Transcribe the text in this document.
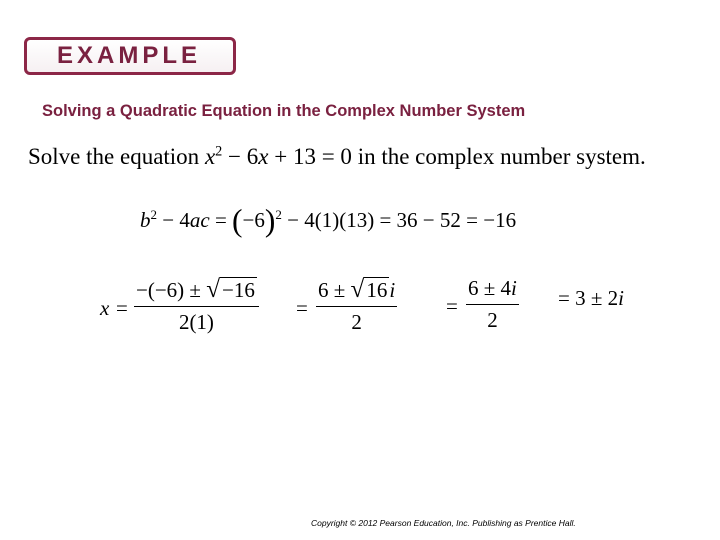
EXAMPLE
Solving a Quadratic Equation in the Complex Number System
Solve the equation $x^2 - 6x + 13 = 0$ in the complex number system.
$b^2 - 4ac = (-6)^2 - 4(1)(13) = 36 - 52 = -16$
x =
−(−6) ± √−16
2(1)
=
6 ± √16i
2
=
6 ± 4i
2
= 3 ± 2i
Copyright © 2012 Pearson Education, Inc. Publishing as Prentice Hall.
